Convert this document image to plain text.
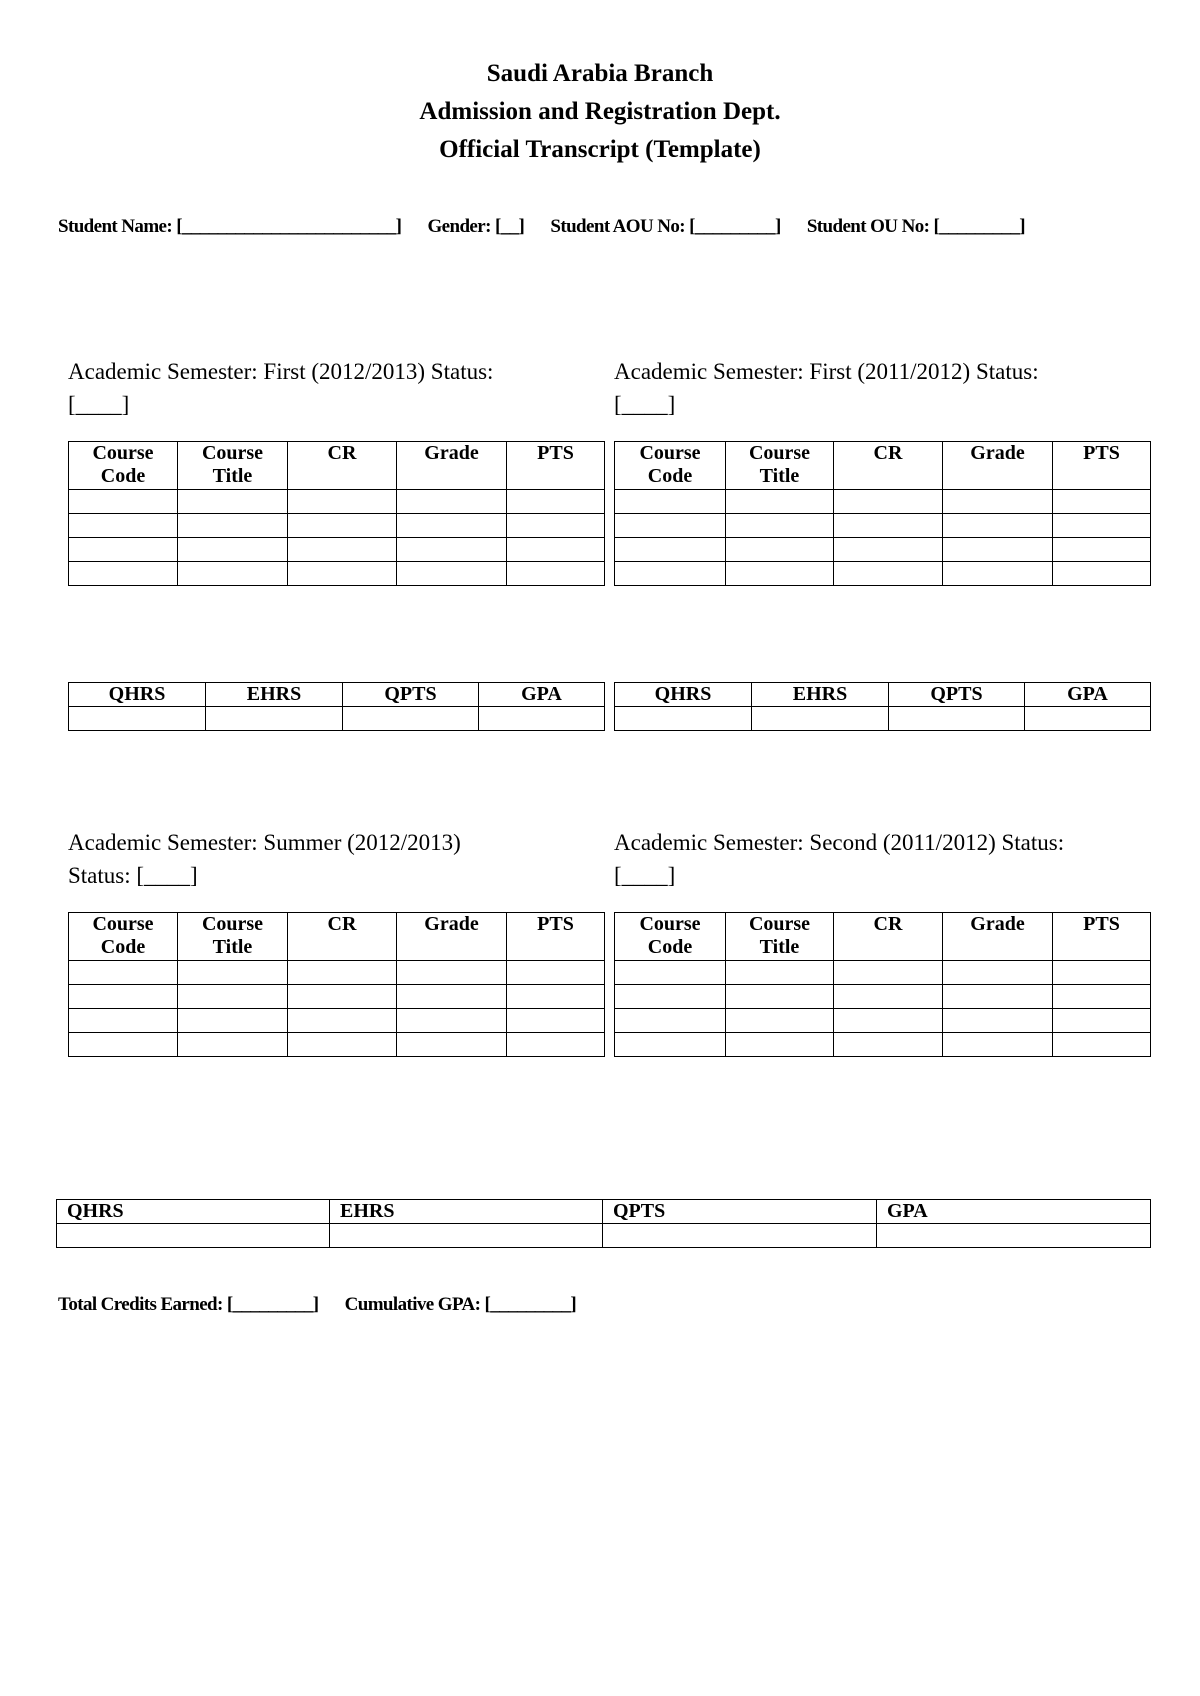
Saudi Arabia Branch
Admission and Registration Dept.
Official Transcript (Template)
Student Name: [________________________] Gender: [__] Student AOU No: [_________] Student OU No: [_________]
Academic Semester: First (2012/2013) Status:
[____]
Course
Code	Course
Title	CR	Grade	PTS

QHRS	EHRS	QPTS	GPA

Academic Semester: First (2011/2012) Status:
[____]
Course
Code	Course
Title	CR	Grade	PTS

QHRS	EHRS	QPTS	GPA

Academic Semester: Summer (2012/2013)
Status: [____]
Course
Code	Course
Title	CR	Grade	PTS

Academic Semester: Second (2011/2012) Status:
[____]
Course
Code	Course
Title	CR	Grade	PTS

QHRS	EHRS	QPTS	GPA

Total Credits Earned: [_________] Cumulative GPA: [_________]
